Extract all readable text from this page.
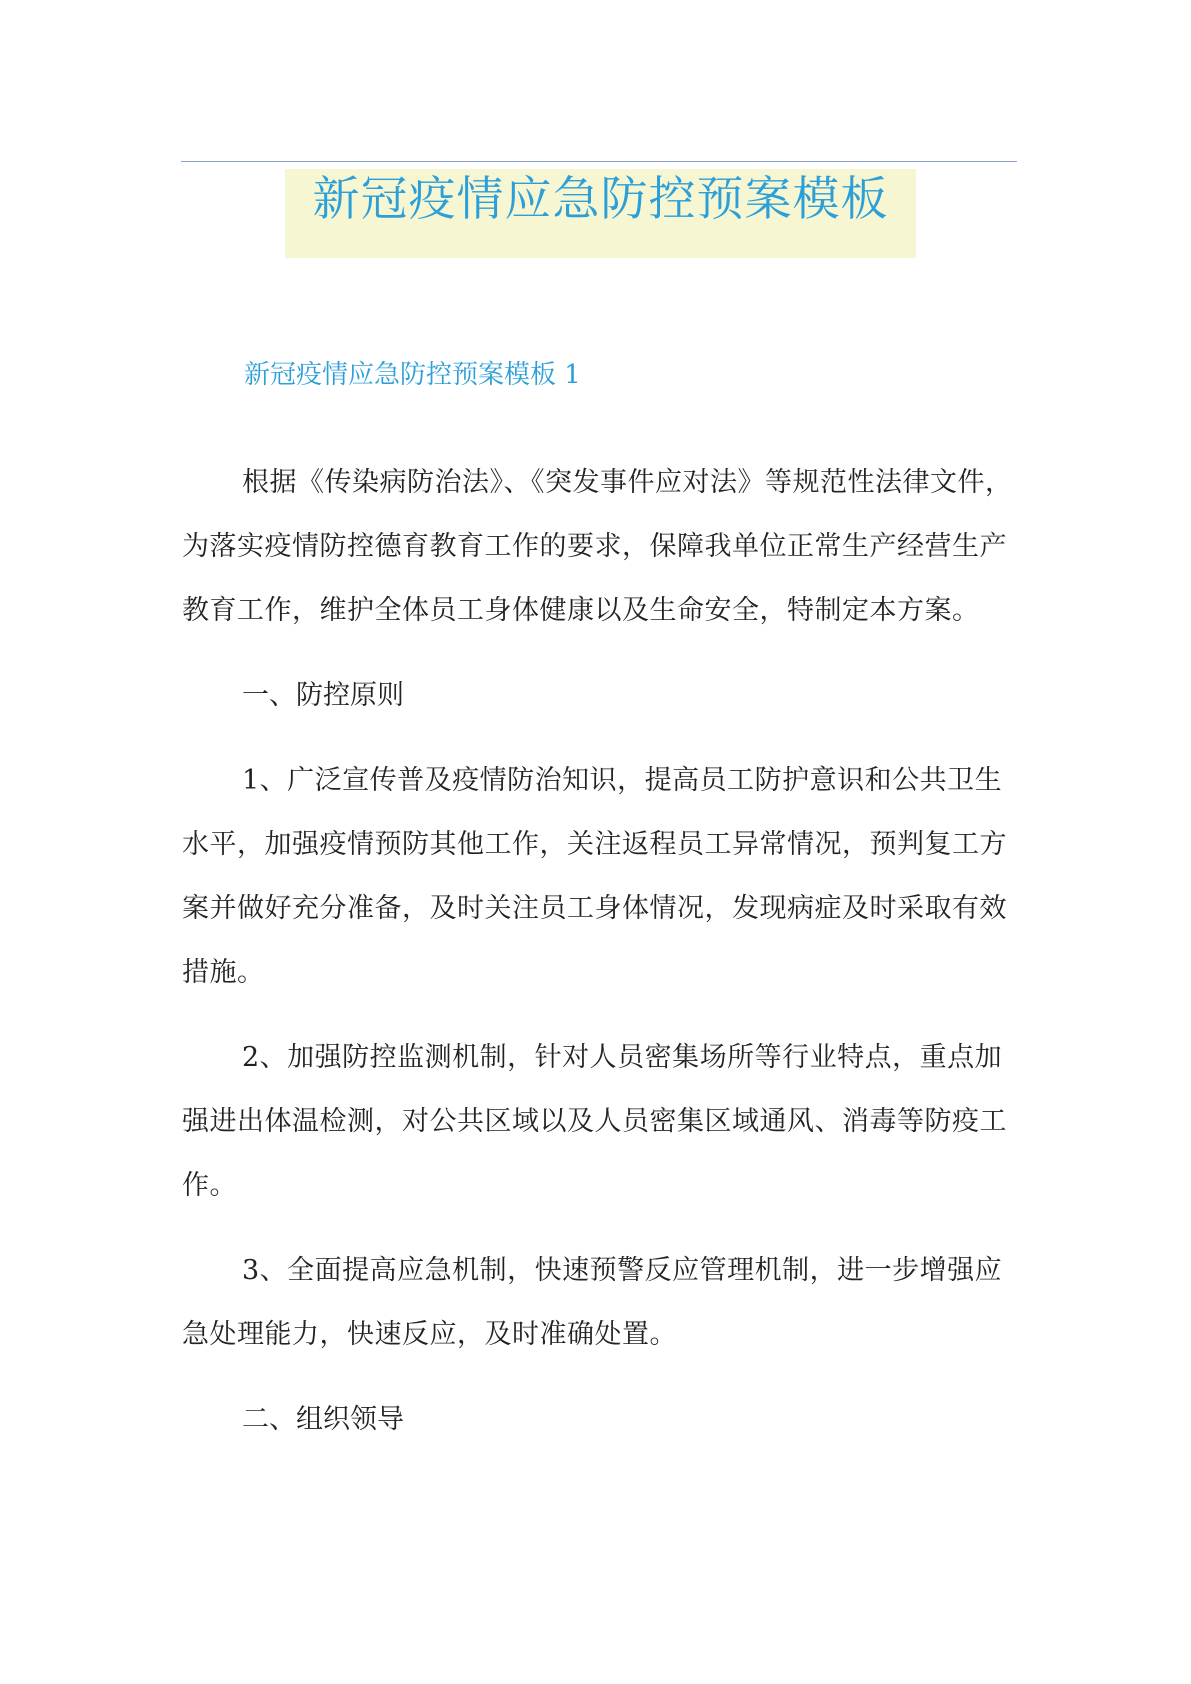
新冠疫情应急防控预案模板

新冠疫情应急防控预案模板 1

根据《传染病防治法》、《突发事件应对法》等规范性法律文件，为落实疫情防控德育教育工作的要求，保障我单位正常生产经营生产教育工作，维护全体员工身体健康以及生命安全，特制定本方案。

一、防控原则

1、广泛宣传普及疫情防治知识，提高员工防护意识和公共卫生水平，加强疫情预防其他工作，关注返程员工异常情况，预判复工方案并做好充分准备，及时关注员工身体情况，发现病症及时采取有效措施。

2、加强防控监测机制，针对人员密集场所等行业特点，重点加强进出体温检测，对公共区域以及人员密集区域通风、消毒等防疫工作。

3、全面提高应急机制，快速预警反应管理机制，进一步增强应急处理能力，快速反应，及时准确处置。

二、组织领导
